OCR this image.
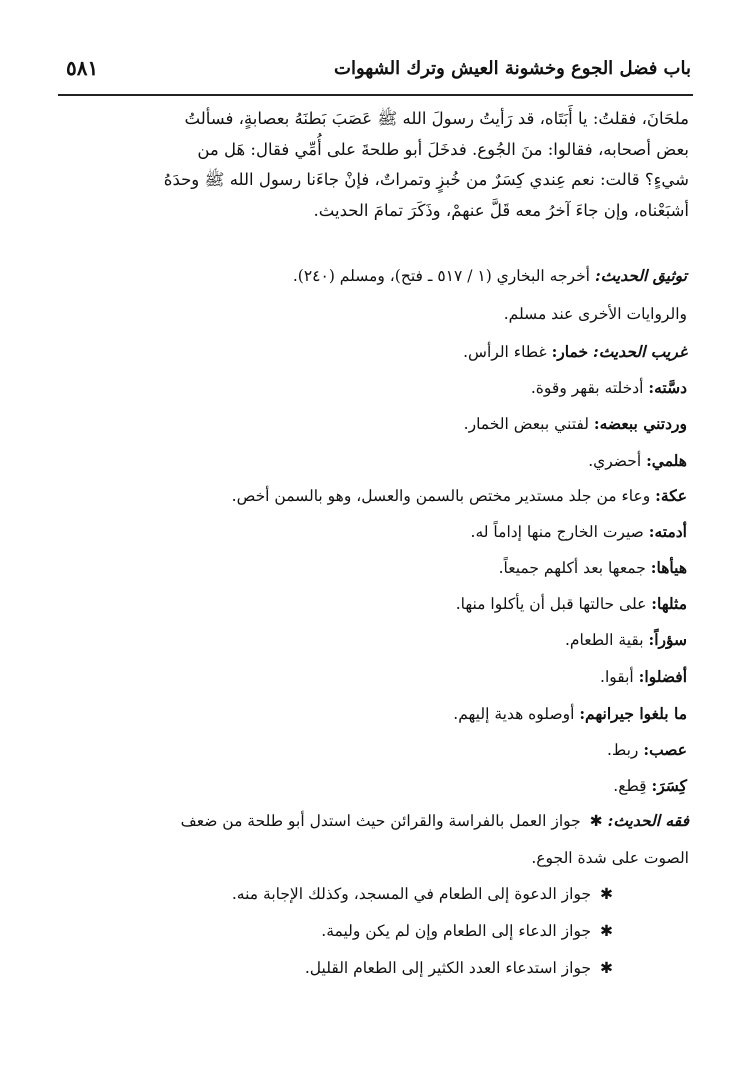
باب فضل الجوع وخشونة العيش وترك الشهوات
٥٨١
ملحَانَ، فقلتُ: يا أَبَتَاه، قد رَأيتُ رسولَ الله ﷺ عَصَبَ بَطنَهُ بعصابةٍ، فسألتُ
بعض أصحابه، فقالوا: منَ الجُوع. فدخَلَ أبو طلحةَ على أُمِّي فقال: هَل من
شيءٍ؟ قالت: نعم عِندي كِسَرٌ من خُبزٍ وتمراتٌ، فإنْ جاءَنا رسول الله ﷺ وحدَهُ
أشبَعْناه، وإن جاءَ آخرُ معه قَلَّ عنهمْ، وذَكَرَ تمامَ الحديث.
توثيق الحديث: أخرجه البخاري (١ / ٥١٧ ـ فتح)، ومسلم (٢٤٠).
والروايات الأخرى عند مسلم.
غريب الحديث: خمار: غطاء الرأس.
دسَّته: أدخلته بقهر وقوة.
وردتني ببعضه: لفتني ببعض الخمار.
هلمي: أحضري.
عكة: وعاء من جلد مستدير مختص بالسمن والعسل، وهو بالسمن أخص.
أدمته: صيرت الخارج منها إداماً له.
هيأها: جمعها بعد أكلهم جميعاً.
مثلها: على حالتها قبل أن يأكلوا منها.
سؤراً: بقية الطعام.
أفضلوا: أبقوا.
ما بلغوا جيرانهم: أوصلوه هدية إليهم.
عصب: ربط.
كِسَرَ: قِطع.
فقه الحديث: ✱ جواز العمل بالفراسة والقرائن حيث استدل أبو طلحة من ضعف
الصوت على شدة الجوع.
✱ جواز الدعوة إلى الطعام في المسجد، وكذلك الإجابة منه.
✱ جواز الدعاء إلى الطعام وإن لم يكن وليمة.
✱ جواز استدعاء العدد الكثير إلى الطعام القليل.
